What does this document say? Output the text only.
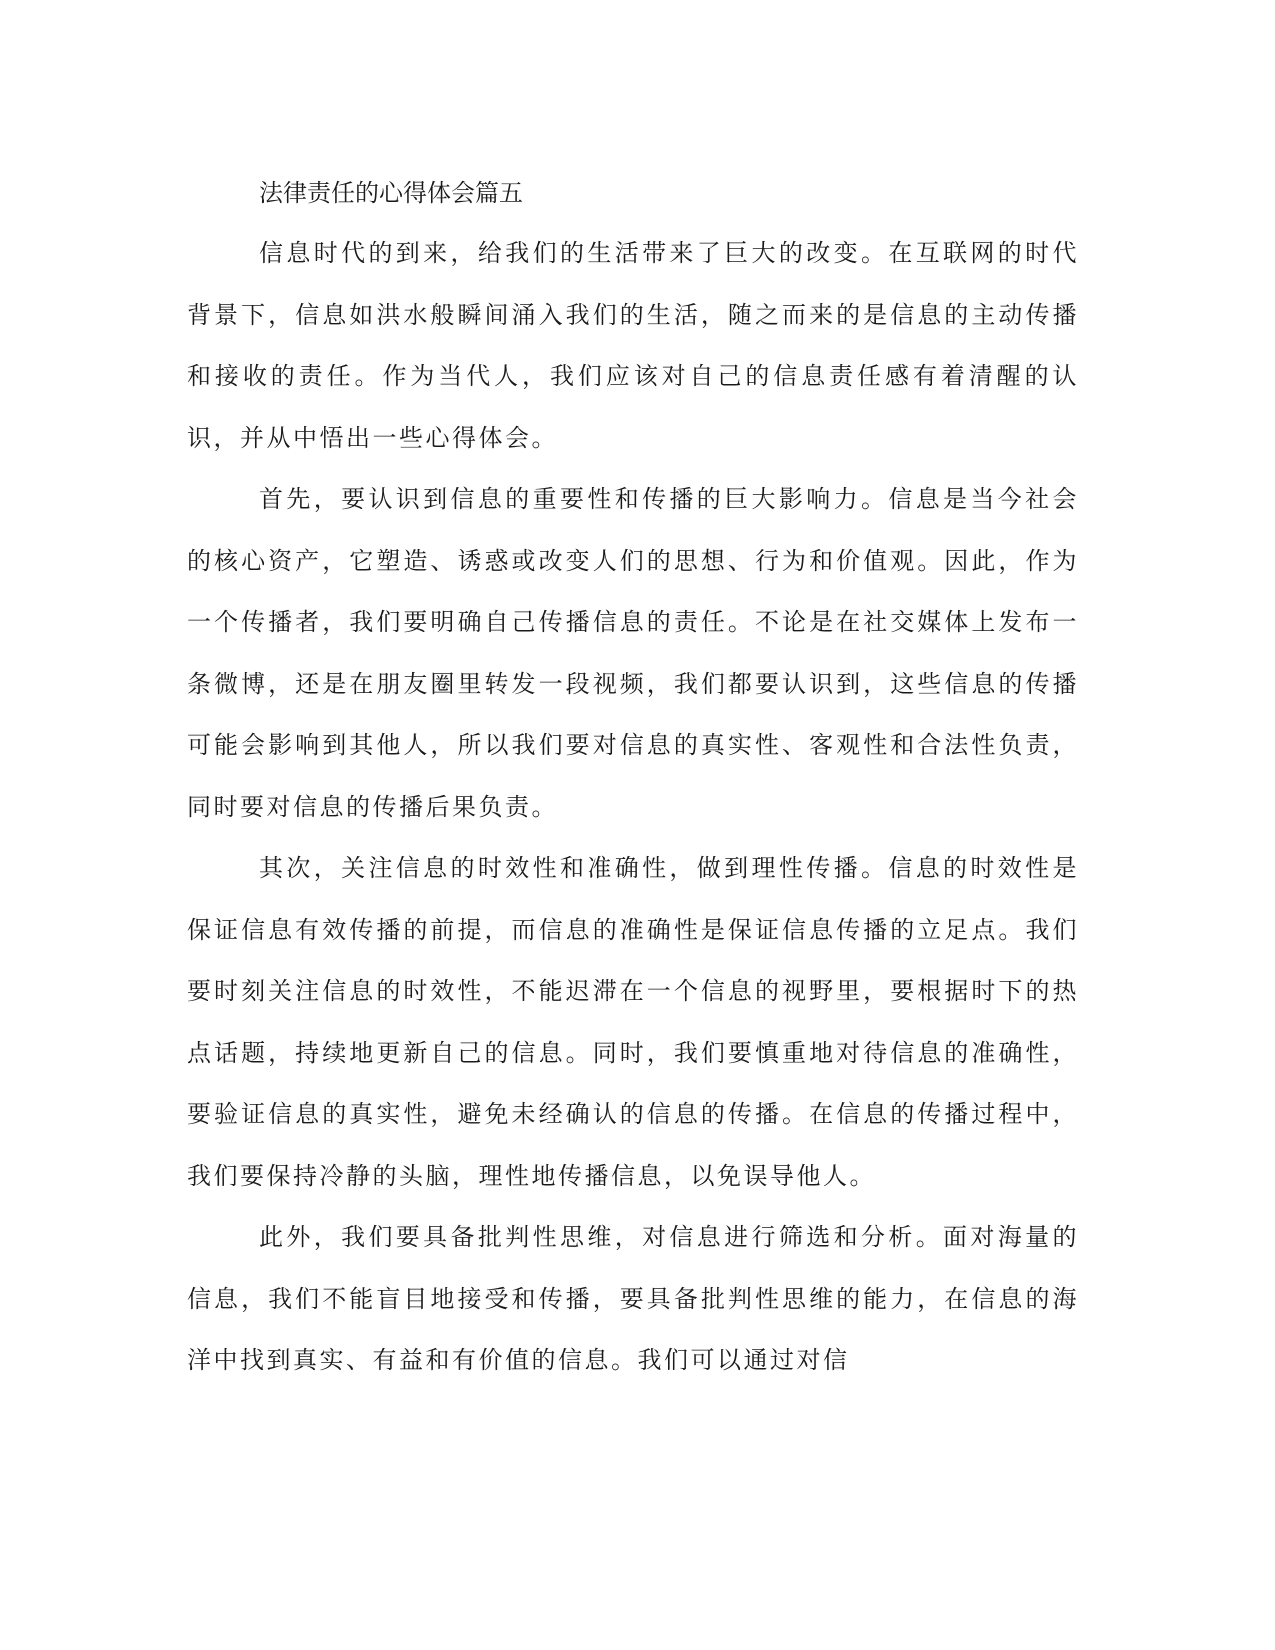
法律责任的心得体会篇五

信息时代的到来，给我们的生活带来了巨大的改变。在互联网的时代背景下，信息如洪水般瞬间涌入我们的生活，随之而来的是信息的主动传播和接收的责任。作为当代人，我们应该对自己的信息责任感有着清醒的认识，并从中悟出一些心得体会。

首先，要认识到信息的重要性和传播的巨大影响力。信息是当今社会的核心资产，它塑造、诱惑或改变人们的思想、行为和价值观。因此，作为一个传播者，我们要明确自己传播信息的责任。不论是在社交媒体上发布一条微博，还是在朋友圈里转发一段视频，我们都要认识到，这些信息的传播可能会影响到其他人，所以我们要对信息的真实性、客观性和合法性负责，同时要对信息的传播后果负责。

其次，关注信息的时效性和准确性，做到理性传播。信息的时效性是保证信息有效传播的前提，而信息的准确性是保证信息传播的立足点。我们要时刻关注信息的时效性，不能迟滞在一个信息的视野里，要根据时下的热点话题，持续地更新自己的信息。同时，我们要慎重地对待信息的准确性，要验证信息的真实性，避免未经确认的信息的传播。在信息的传播过程中，我们要保持冷静的头脑，理性地传播信息，以免误导他人。

此外，我们要具备批判性思维，对信息进行筛选和分析。面对海量的信息，我们不能盲目地接受和传播，要具备批判性思维的能力，在信息的海洋中找到真实、有益和有价值的信息。我们可以通过对信
